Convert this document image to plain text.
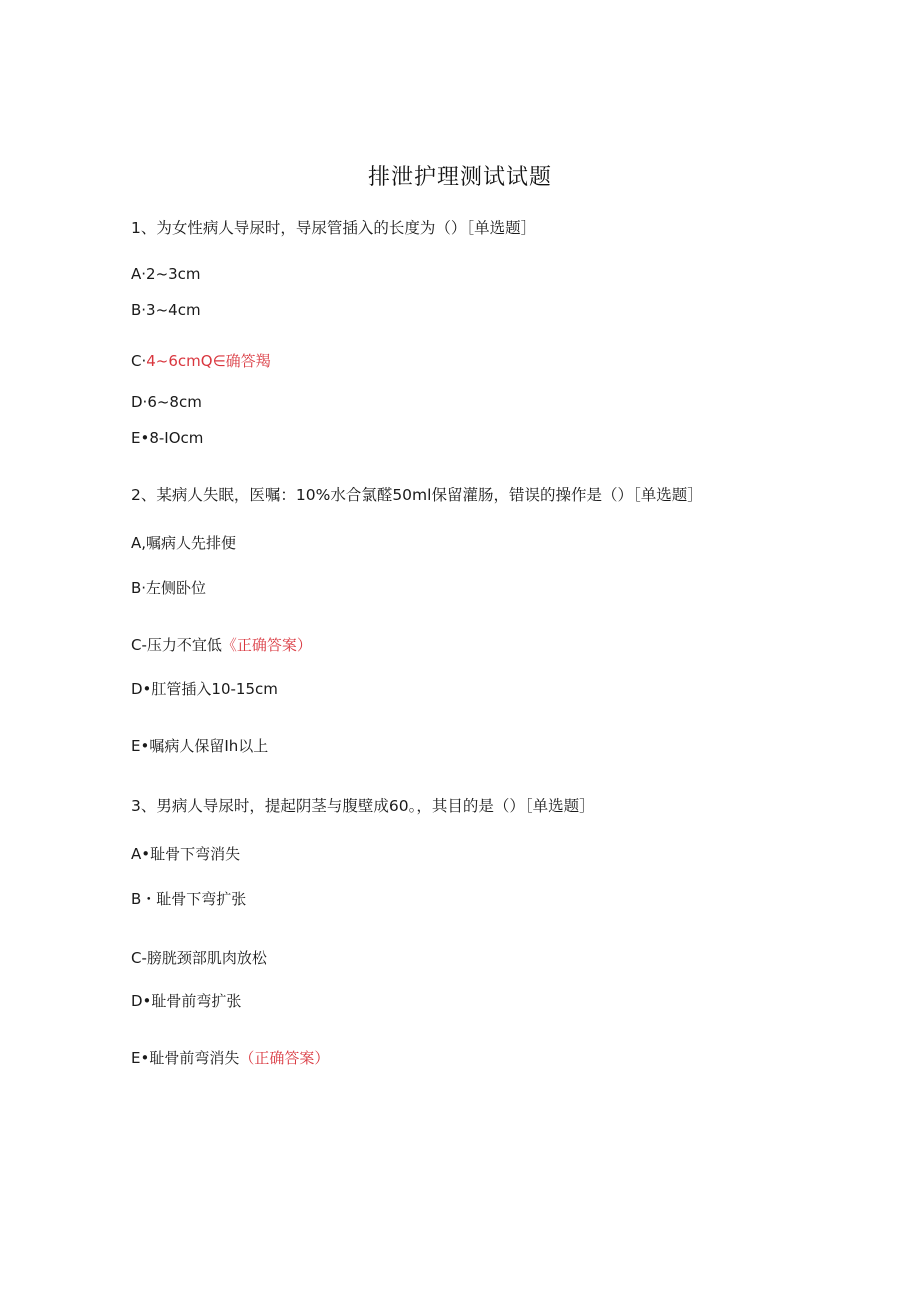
排泄护理测试试题
1、为女性病人导尿时，导尿管插入的长度为（）［单选题］
A·2~3cm
B·3~4cm
C·4~6cmQ∈确答羯
D·6~8cm
E•8-IOcm
2、某病人失眠，医嘱：10%水合氯醛50ml保留灌肠，错误的操作是（）［单选题］
A,嘱病人先排便
B·左侧卧位
C-压力不宜低《正确答案）
D•肛管插入10-15cm
E•嘱病人保留Ih以上
3、男病人导尿时，提起阴茎与腹壁成60。，其目的是（）［单选题］
A•耻骨下弯消失
B・耻骨下弯扩张
C-膀胱颈部肌肉放松
D•耻骨前弯扩张
E•耻骨前弯消失（正确答案）
